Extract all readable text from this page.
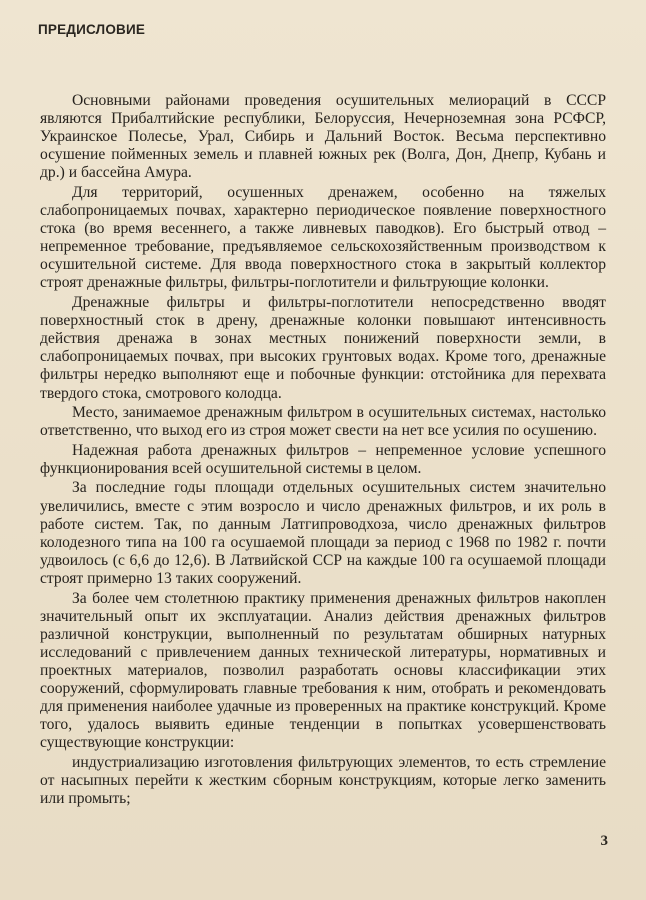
ПРЕДИСЛОВИЕ

Основными районами проведения осушительных мелиораций в СССР являются Прибалтийские республики, Белоруссия, Нечерноземная зона РСФСР, Украинское Полесье, Урал, Сибирь и Дальний Восток. Весьма перспективно осушение пойменных земель и плавней южных рек (Волга, Дон, Днепр, Кубань и др.) и бассейна Амура.

Для территорий, осушенных дренажем, особенно на тяжелых слабопроницаемых почвах, характерно периодическое появление поверхностного стока (во время весеннего, а также ливневых паводков). Его быстрый отвод – непременное требование, предъявляемое сельскохозяйственным производством к осушительной системе. Для ввода поверхностного стока в закрытый коллектор строят дренажные фильтры, фильтры-поглотители и фильтрующие колонки.

Дренажные фильтры и фильтры-поглотители непосредственно вводят поверхностный сток в дрену, дренажные колонки повышают интенсивность действия дренажа в зонах местных понижений поверхности земли, в слабопроницаемых почвах, при высоких грунтовых водах. Кроме того, дренажные фильтры нередко выполняют еще и побочные функции: отстойника для перехвата твердого стока, смотрового колодца.

Место, занимаемое дренажным фильтром в осушительных системах, настолько ответственно, что выход его из строя может свести на нет все усилия по осушению.

Надежная работа дренажных фильтров – непременное условие успешного функционирования всей осушительной системы в целом.

За последние годы площади отдельных осушительных систем значительно увеличились, вместе с этим возросло и число дренажных фильтров, и их роль в работе систем. Так, по данным Латгипроводхоза, число дренажных фильтров колодезного типа на 100 га осушаемой площади за период с 1968 по 1982 г. почти удвоилось (с 6,6 до 12,6). В Латвийской ССР на каждые 100 га осушаемой площади строят примерно 13 таких сооружений.

За более чем столетнюю практику применения дренажных фильтров накоплен значительный опыт их эксплуатации. Анализ действия дренажных фильтров различной конструкции, выполненный по результатам обширных натурных исследований с привлечением данных технической литературы, нормативных и проектных материалов, позволил разработать основы классификации этих сооружений, сформулировать главные требования к ним, отобрать и рекомендовать для применения наиболее удачные из проверенных на практике конструкций. Кроме того, удалось выявить единые тенденции в попытках усовершенствовать существующие конструкции:

индустриализацию изготовления фильтрующих элементов, то есть стремление от насыпных перейти к жестким сборным конструкциям, которые легко заменить или промыть;

3
